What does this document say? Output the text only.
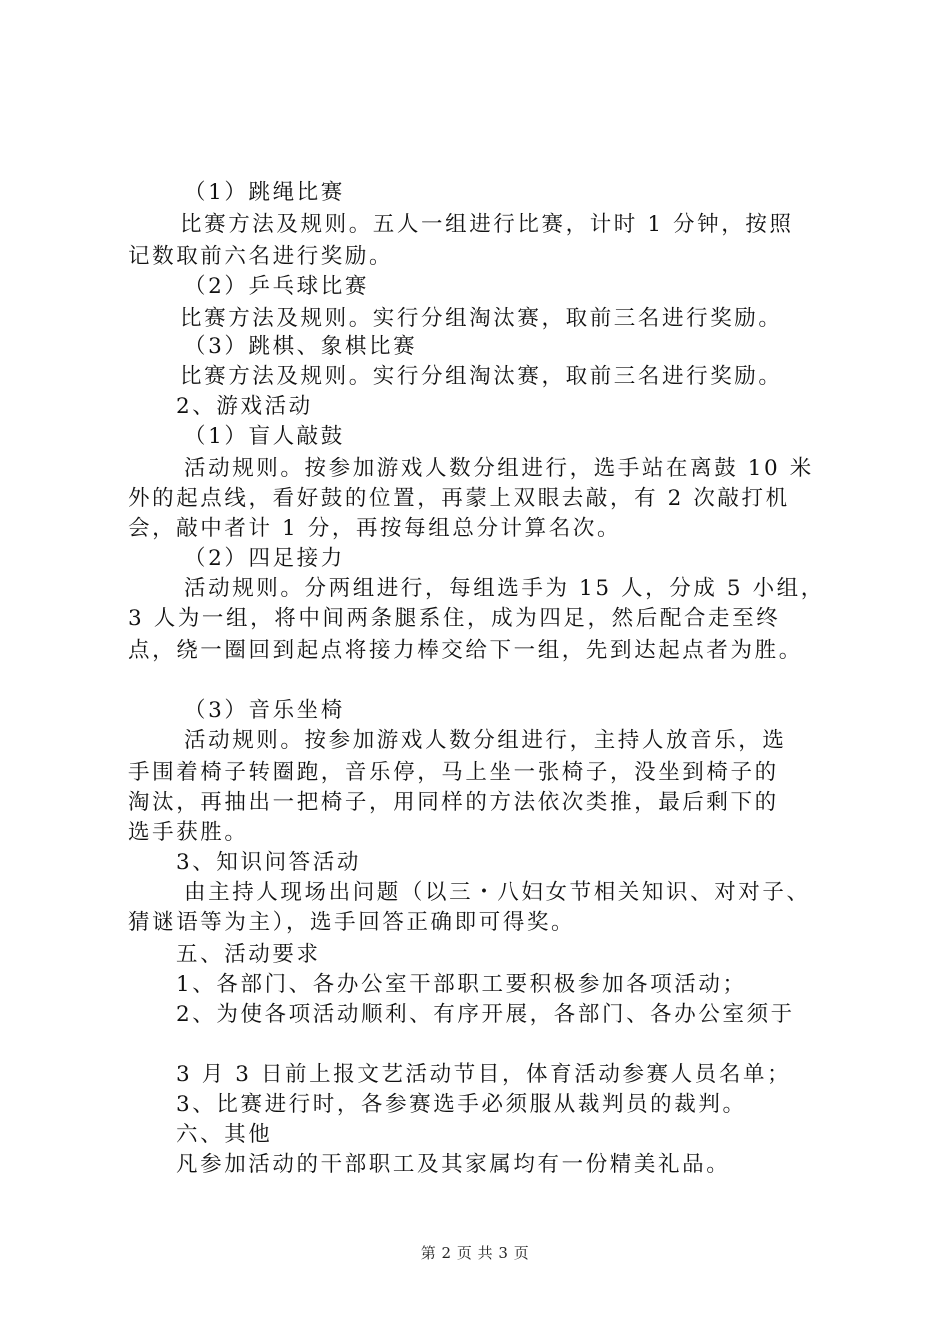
（1）跳绳比赛
比赛方法及规则。五人一组进行比赛，计时 1 分钟，按照
记数取前六名进行奖励。
（2）乒乓球比赛
比赛方法及规则。实行分组淘汰赛，取前三名进行奖励。
（3）跳棋、象棋比赛
比赛方法及规则。实行分组淘汰赛，取前三名进行奖励。
2、游戏活动
（1）盲人敲鼓
活动规则。按参加游戏人数分组进行，选手站在离鼓 10 米
外的起点线，看好鼓的位置，再蒙上双眼去敲，有 2 次敲打机
会，敲中者计 1 分，再按每组总分计算名次。
（2）四足接力
活动规则。分两组进行，每组选手为 15 人，分成 5 小组，
3 人为一组，将中间两条腿系住，成为四足，然后配合走至终
点，绕一圈回到起点将接力棒交给下一组，先到达起点者为胜。
（3）音乐坐椅
活动规则。按参加游戏人数分组进行，主持人放音乐，选
手围着椅子转圈跑，音乐停，马上坐一张椅子，没坐到椅子的
淘汰，再抽出一把椅子，用同样的方法依次类推，最后剩下的
选手获胜。
3、知识问答活动
由主持人现场出问题（以三・八妇女节相关知识、对对子、
猜谜语等为主），选手回答正确即可得奖。
五、活动要求
1、各部门、各办公室干部职工要积极参加各项活动；
2、为使各项活动顺利、有序开展，各部门、各办公室须于
3 月 3 日前上报文艺活动节目，体育活动参赛人员名单；
3、比赛进行时，各参赛选手必须服从裁判员的裁判。
六、其他
凡参加活动的干部职工及其家属均有一份精美礼品。
第 2 页 共 3 页
